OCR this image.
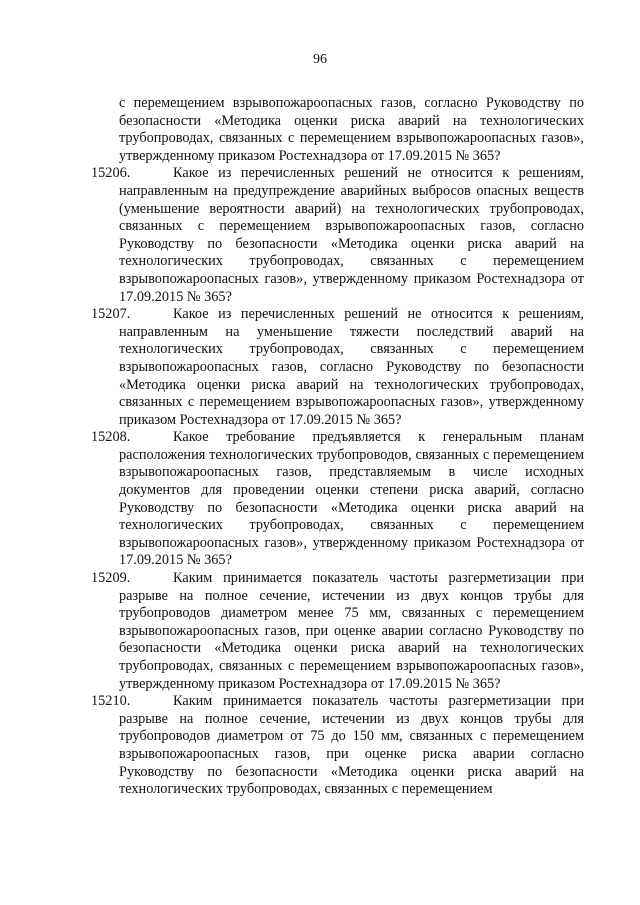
96
с перемещением взрывопожароопасных газов, согласно Руководству по безопасности «Методика оценки риска аварий на технологических трубопроводах, связанных с перемещением взрывопожароопасных газов», утвержденному приказом Ростехнадзора от 17.09.2015 № 365?
15206.	Какое из перечисленных решений не относится к решениям, направленным на предупреждение аварийных выбросов опасных веществ (уменьшение вероятности аварий) на технологических трубопроводах, связанных с перемещением взрывопожароопасных газов, согласно Руководству по безопасности «Методика оценки риска аварий на технологических трубопроводах, связанных с перемещением взрывопожароопасных газов», утвержденному приказом Ростехнадзора от 17.09.2015 № 365?
15207.	Какое из перечисленных решений не относится к решениям, направленным на уменьшение тяжести последствий аварий на технологических трубопроводах, связанных с перемещением взрывопожароопасных газов, согласно Руководству по безопасности «Методика оценки риска аварий на технологических трубопроводах, связанных с перемещением взрывопожароопасных газов», утвержденному приказом Ростехнадзора от 17.09.2015 № 365?
15208.	Какое требование предъявляется к генеральным планам расположения технологических трубопроводов, связанных с перемещением взрывопожароопасных газов, представляемым в числе исходных документов для проведении оценки степени риска аварий, согласно Руководству по безопасности «Методика оценки риска аварий на технологических трубопроводах, связанных с перемещением взрывопожароопасных газов», утвержденному приказом Ростехнадзора от 17.09.2015 № 365?
15209.	Каким принимается показатель частоты разгерметизации при разрыве на полное сечение, истечении из двух концов трубы для трубопроводов диаметром менее 75 мм, связанных с перемещением взрывопожароопасных газов, при оценке аварии согласно Руководству по безопасности «Методика оценки риска аварий на технологических трубопроводах, связанных с перемещением взрывопожароопасных газов», утвержденному приказом Ростехнадзора от 17.09.2015 № 365?
15210.	Каким принимается показатель частоты разгерметизации при разрыве на полное сечение, истечении из двух концов трубы для трубопроводов диаметром от 75 до 150 мм, связанных с перемещением взрывопожароопасных газов, при оценке риска аварии согласно Руководству по безопасности «Методика оценки риска аварий на технологических трубопроводах, связанных с перемещением
